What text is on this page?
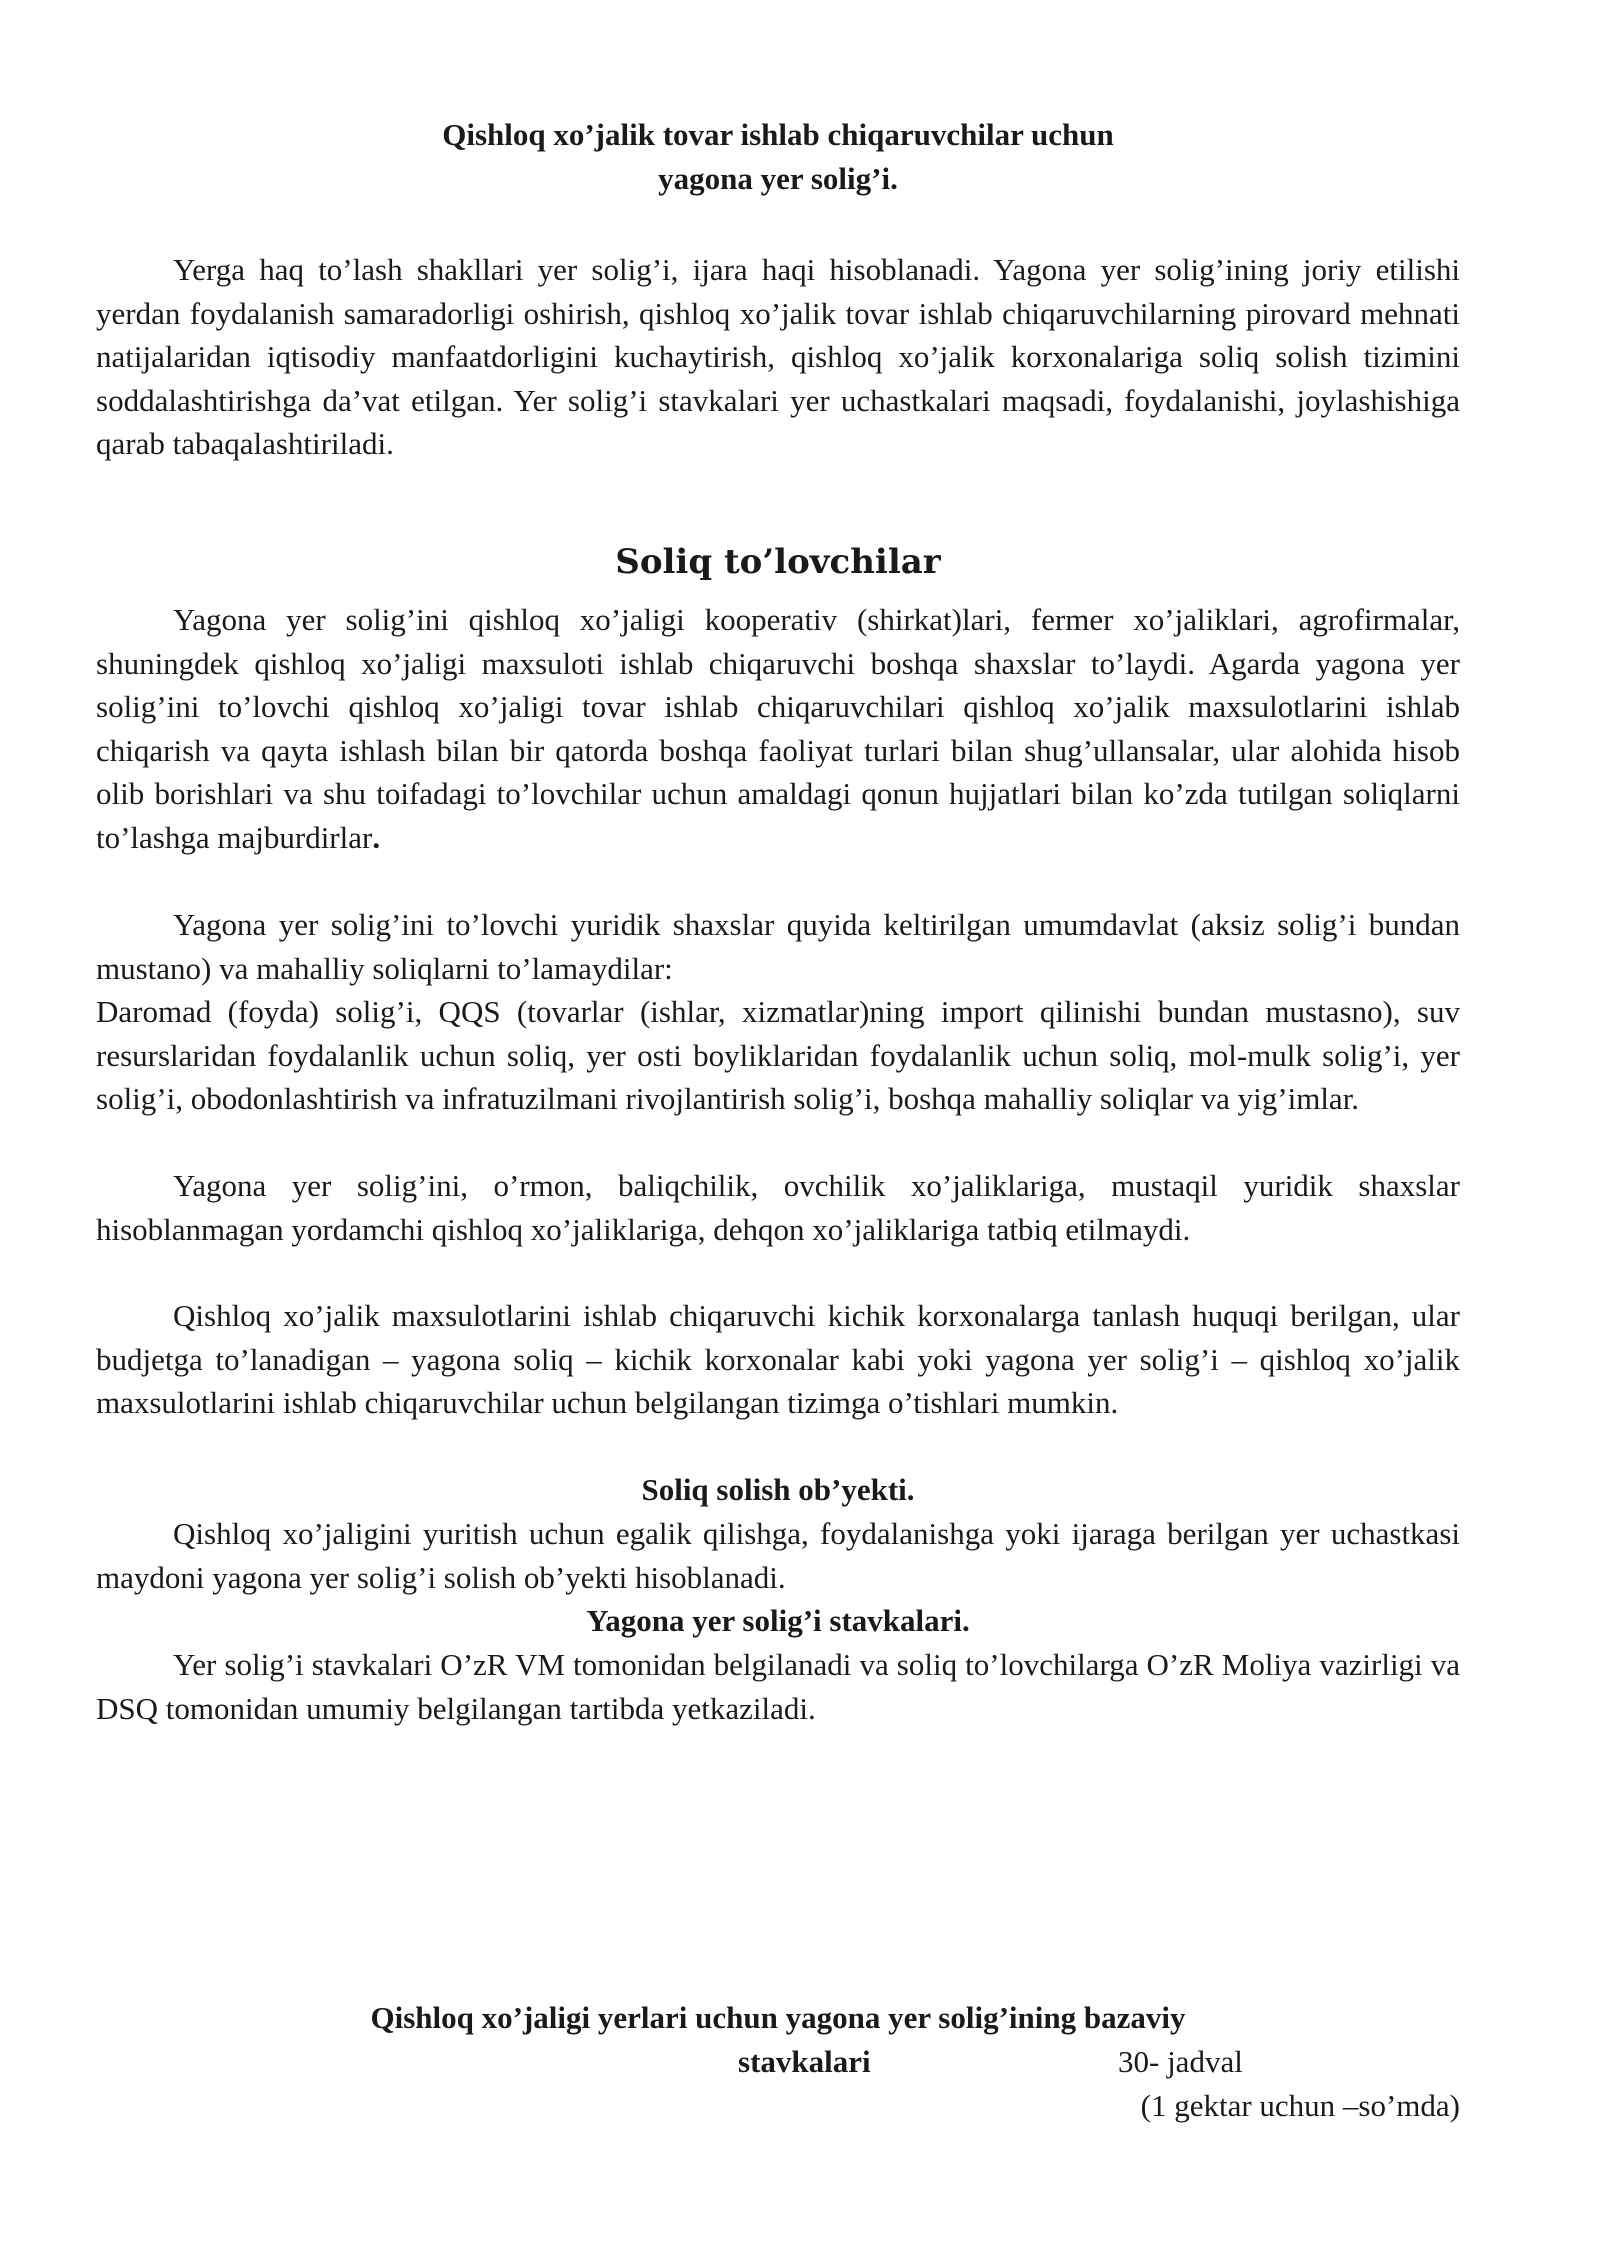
Qishloq xo’jalik tovar ishlab chiqaruvchilar uchun
yagona yer solig’i.

Yerga haq to’lash shakllari yer solig’i, ijara haqi hisoblanadi. Yagona yer solig’ining joriy etilishi yerdan foydalanish samaradorligi oshirish, qishloq xo’jalik tovar ishlab chiqaruvchilarning pirovard mehnati natijalaridan iqtisodiy manfaatdorligini kuchaytirish, qishloq xo’jalik korxonalariga soliq solish tizimini soddalashtirishga da’vat etilgan. Yer solig’i stavkalari yer uchastkalari maqsadi, foydalanishi, joylashishiga qarab tabaqalashtiriladi.

Soliq to’lovchilar

Yagona yer solig’ini qishloq xo’jaligi kooperativ (shirkat)lari, fermer xo’jaliklari, agrofirmalar, shuningdek qishloq xo’jaligi maxsuloti ishlab chiqaruvchi boshqa shaxslar to’laydi. Agarda yagona yer solig’ini to’lovchi qishloq xo’jaligi tovar ishlab chiqaruvchilari qishloq xo’jalik maxsulotlarini ishlab chiqarish va qayta ishlash bilan bir qatorda boshqa faoliyat turlari bilan shug’ullansalar, ular alohida hisob olib borishlari va shu toifadagi to’lovchilar uchun amaldagi qonun hujjatlari bilan ko’zda tutilgan soliqlarni to’lashga majburdirlar.

Yagona yer solig’ini to’lovchi yuridik shaxslar quyida keltirilgan umumdavlat (aksiz solig’i bundan mustano) va mahalliy soliqlarni to’lamaydilar:

Daromad (foyda) solig’i, QQS (tovarlar (ishlar, xizmatlar)ning import qilinishi bundan mustasno), suv resurslaridan foydalanlik uchun soliq, yer osti boyliklaridan foydalanlik uchun soliq, mol-mulk solig’i, yer solig’i, obodonlashtirish va infratuzilmani rivojlantirish solig’i, boshqa mahalliy soliqlar va yig’imlar.

Yagona yer solig’ini, o’rmon, baliqchilik, ovchilik xo’jaliklariga, mustaqil yuridik shaxslar hisoblanmagan yordamchi qishloq xo’jaliklariga, dehqon xo’jaliklariga tatbiq etilmaydi.

Qishloq xo’jalik maxsulotlarini ishlab chiqaruvchi kichik korxonalarga tanlash huquqi berilgan, ular budjetga to’lanadigan – yagona soliq – kichik korxonalar kabi yoki yagona yer solig’i – qishloq xo’jalik maxsulotlarini ishlab chiqaruvchilar uchun belgilangan tizimga o’tishlari mumkin.

Soliq solish ob’yekti.

Qishloq xo’jaligini yuritish uchun egalik qilishga, foydalanishga yoki ijaraga berilgan yer uchastkasi maydoni yagona yer solig’i solish ob’yekti hisoblanadi.

Yagona yer solig’i stavkalari.

Yer solig’i stavkalari O’zR VM tomonidan belgilanadi va soliq to’lovchilarga O’zR Moliya vazirligi va DSQ tomonidan umumiy belgilangan tartibda yetkaziladi.

Qishloq xo’jaligi yerlari uchun yagona yer solig’ining bazaviy
stavkalari	30- jadval
(1 gektar uchun –so’mda)
